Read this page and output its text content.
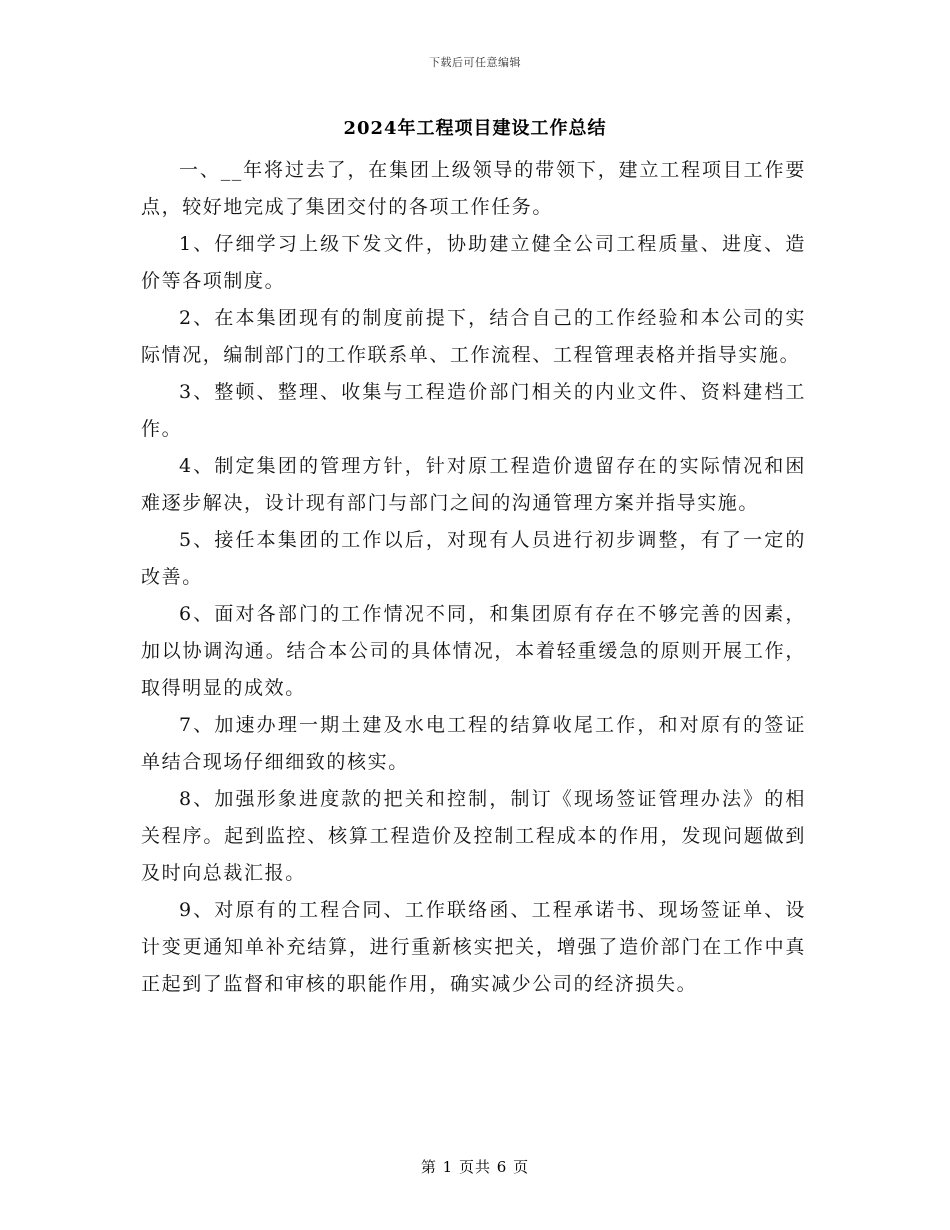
下载后可任意编辑
2024年工程项目建设工作总结

一、__年将过去了，在集团上级领导的带领下，建立工程项目工作要点，较好地完成了集团交付的各项工作任务。

1、仔细学习上级下发文件，协助建立健全公司工程质量、进度、造价等各项制度。

2、在本集团现有的制度前提下，结合自己的工作经验和本公司的实际情况，编制部门的工作联系单、工作流程、工程管理表格并指导实施。

3、整顿、整理、收集与工程造价部门相关的内业文件、资料建档工作。

4、制定集团的管理方针，针对原工程造价遗留存在的实际情况和困难逐步解决，设计现有部门与部门之间的沟通管理方案并指导实施。

5、接任本集团的工作以后，对现有人员进行初步调整，有了一定的改善。

6、面对各部门的工作情况不同，和集团原有存在不够完善的因素，加以协调沟通。结合本公司的具体情况，本着轻重缓急的原则开展工作，取得明显的成效。

7、加速办理一期土建及水电工程的结算收尾工作，和对原有的签证单结合现场仔细细致的核实。

8、加强形象进度款的把关和控制，制订《现场签证管理办法》的相关程序。起到监控、核算工程造价及控制工程成本的作用，发现问题做到及时向总裁汇报。

9、对原有的工程合同、工作联络函、工程承诺书、现场签证单、设计变更通知单补充结算，进行重新核实把关，增强了造价部门在工作中真正起到了监督和审核的职能作用，确实减少公司的经济损失。

第 1 页共 6 页
